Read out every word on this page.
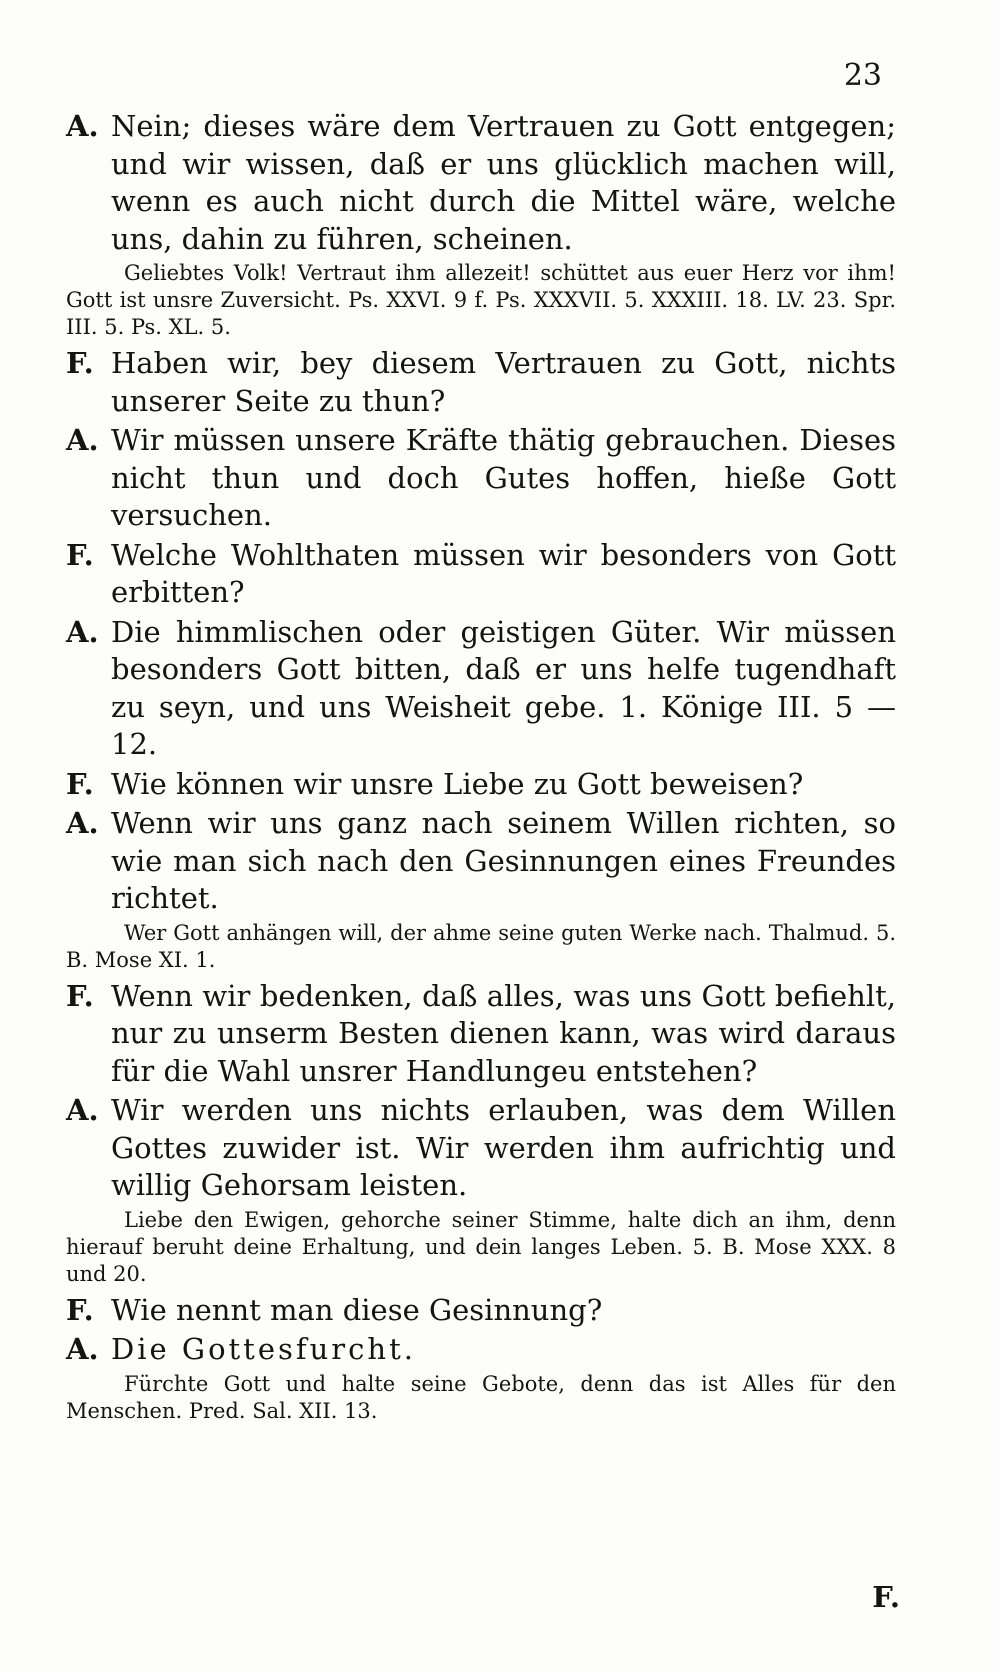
23
A. Nein; dieses wäre dem Vertrauen zu Gott entgegen; und wir wissen, daß er uns glücklich machen will, wenn es auch nicht durch die Mittel wäre, welche uns, dahin zu führen, scheinen.
Geliebtes Volk! Vertraut ihm allezeit! schüttet aus euer Herz vor ihm! Gott ist unsre Zuversicht. Ps. XXVI. 9 f. Ps. XXXVII. 5. XXXIII. 18. LV. 23. Spr. III. 5. Ps. XL. 5.
F. Haben wir, bey diesem Vertrauen zu Gott, nichts unserer Seite zu thun?
A. Wir müssen unsere Kräfte thätig gebrauchen. Dieses nicht thun und doch Gutes hoffen, hieße Gott versuchen.
F. Welche Wohlthaten müssen wir besonders von Gott erbitten?
A. Die himmlischen oder geistigen Güter. Wir müssen besonders Gott bitten, daß er uns helfe tugendhaft zu seyn, und uns Weisheit gebe. 1. Könige III. 5 — 12.
F. Wie können wir unsre Liebe zu Gott beweisen?
A. Wenn wir uns ganz nach seinem Willen richten, so wie man sich nach den Gesinnungen eines Freundes richtet.
Wer Gott anhängen will, der ahme seine guten Werke nach. Thalmud. 5. B. Mose XI. 1.
F. Wenn wir bedenken, daß alles, was uns Gott befiehlt, nur zu unserm Besten dienen kann, was wird daraus für die Wahl unsrer Handlungeu entstehen?
A. Wir werden uns nichts erlauben, was dem Willen Gottes zuwider ist. Wir werden ihm aufrichtig und willig Gehorsam leisten.
Liebe den Ewigen, gehorche seiner Stimme, halte dich an ihm, denn hierauf beruht deine Erhaltung, und dein langes Leben. 5. B. Mose XXX. 8 und 20.
F. Wie nennt man diese Gesinnung?
A. Die Gottesfurcht.
Fürchte Gott und halte seine Gebote, denn das ist Alles für den Menschen. Pred. Sal. XII. 13.
F.
